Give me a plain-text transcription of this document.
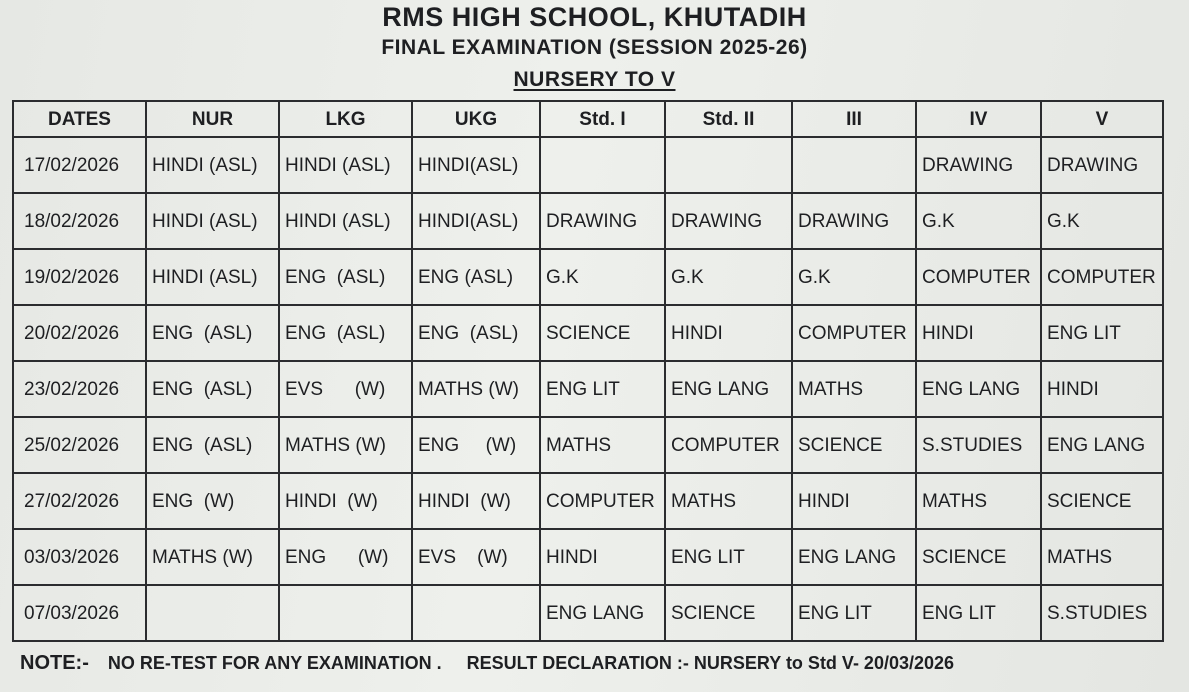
RMS HIGH SCHOOL, KHUTADIH
FINAL EXAMINATION (SESSION 2025-26)
NURSERY TO V
DATES	NUR	LKG	UKG	Std. I	Std. II	III	IV	V
17/02/2026	HINDI (ASL)	HINDI (ASL)	HINDI(ASL)				DRAWING	DRAWING
18/02/2026	HINDI (ASL)	HINDI (ASL)	HINDI(ASL)	DRAWING	DRAWING	DRAWING	G.K	G.K
19/02/2026	HINDI (ASL)	ENG  (ASL)	ENG (ASL)	G.K	G.K	G.K	COMPUTER	COMPUTER
20/02/2026	ENG  (ASL)	ENG  (ASL)	ENG  (ASL)	SCIENCE	HINDI	COMPUTER	HINDI	ENG LIT
23/02/2026	ENG  (ASL)	EVS      (W)	MATHS (W)	ENG LIT	ENG LANG	MATHS	ENG LANG	HINDI
25/02/2026	ENG  (ASL)	MATHS (W)	ENG     (W)	MATHS	COMPUTER	SCIENCE	S.STUDIES	ENG LANG
27/02/2026	ENG  (W)	HINDI  (W)	HINDI  (W)	COMPUTER	MATHS	HINDI	MATHS	SCIENCE
03/03/2026	MATHS (W)	ENG      (W)	EVS    (W)	HINDI	ENG LIT	ENG LANG	SCIENCE	MATHS
07/03/2026				ENG LANG	SCIENCE	ENG LIT	ENG LIT	S.STUDIES
NOTE:- NO RE-TEST FOR ANY EXAMINATION . RESULT DECLARATION :- NURSERY to Std V- 20/03/2026
